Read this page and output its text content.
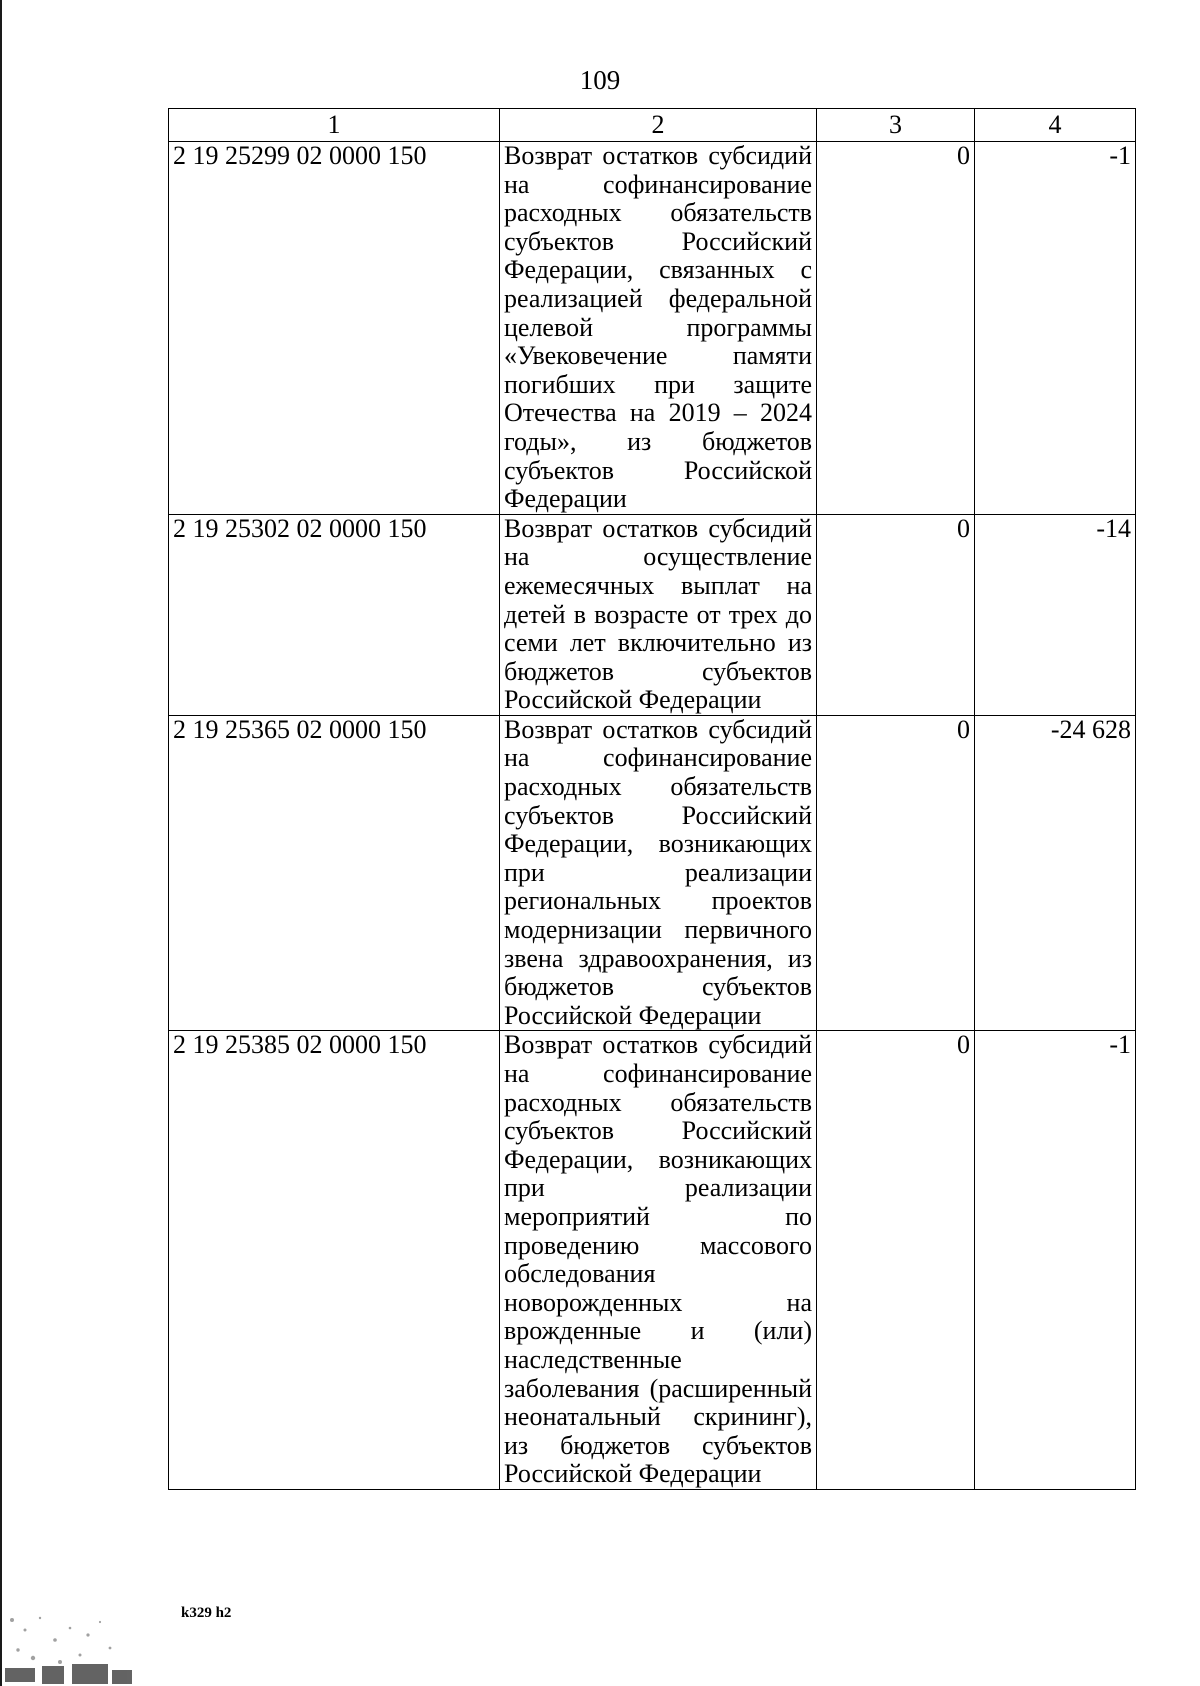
109
1	2	3	4
2 19 25299 02 0000 150	Возврат остатков субсидий на софинансирование расходных обязательств субъектов Российский Федерации, связанных с реализацией федеральной целевой программы «Увековечение памяти погибших при защите Отечества на 2019 – 2024 годы», из бюджетов субъектов Российской Федерации	0	-1
2 19 25302 02 0000 150	Возврат остатков субсидий на осуществление ежемесячных выплат на детей в возрасте от трех до семи лет включительно из бюджетов субъектов Российской Федерации	0	-14
2 19 25365 02 0000 150	Возврат остатков субсидий на софинансирование расходных обязательств субъектов Российский Федерации, возникающих при реализации региональных проектов модернизации первичного звена здравоохранения, из бюджетов субъектов Российской Федерации	0	-24 628
2 19 25385 02 0000 150	Возврат остатков субсидий на софинансирование расходных обязательств субъектов Российский Федерации, возникающих при реализации мероприятий по проведению массового обследования новорожденных на врожденные и (или) наследственные заболевания (расширенный неонатальный скрининг), из бюджетов субъектов Российской Федерации	0	-1
k329 h2
